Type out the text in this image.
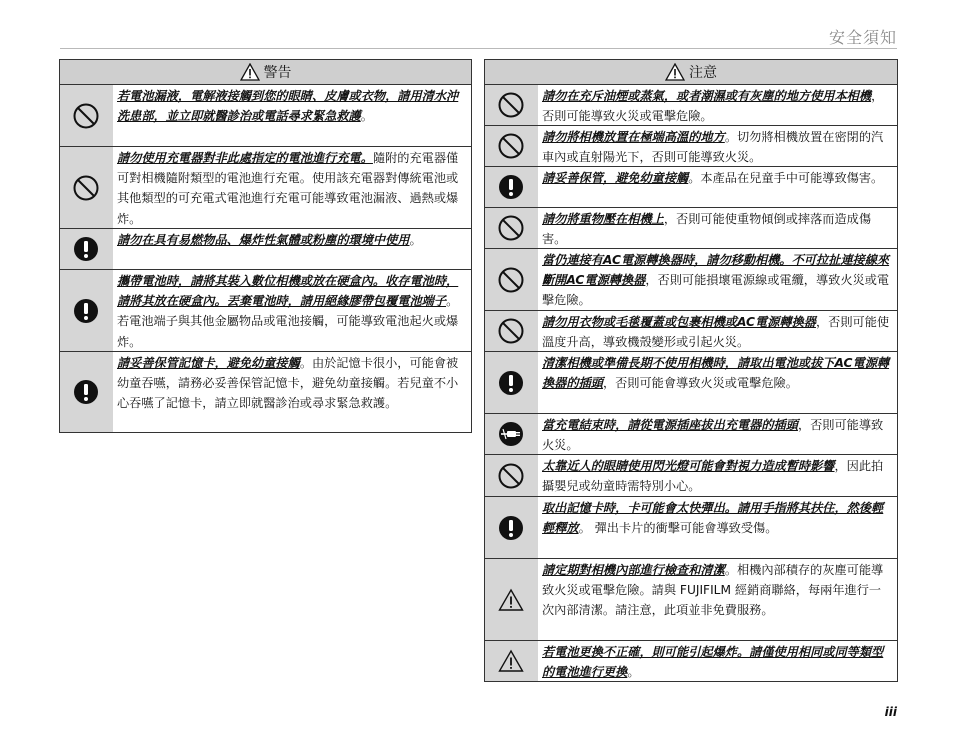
安全須知
警告
若電池漏液，電解液接觸到您的眼睛、皮膚或衣物，請用清水沖洗患部，並立即就醫診治或電話尋求緊急救護。
請勿使用充電器對非此處指定的電池進行充電。隨附的充電器僅可對相機隨附類型的電池進行充電。使用該充電器對傳統電池或其他類型的可充電式電池進行充電可能導致電池漏液、過熱或爆炸。
請勿在具有易燃物品、爆炸性氣體或粉塵的環境中使用。
攜帶電池時，請將其裝入數位相機或放在硬盒內。收存電池時，請將其放在硬盒內。丟棄電池時，請用絕緣膠帶包覆電池端子。若電池端子與其他金屬物品或電池接觸，可能導致電池起火或爆炸。
請妥善保管記憶卡，避免幼童接觸。由於記憶卡很小，可能會被幼童吞嚥，請務必妥善保管記憶卡，避免幼童接觸。若兒童不小心吞嚥了記憶卡，請立即就醫診治或尋求緊急救護。
注意
請勿在充斥油煙或蒸氣，或者潮濕或有灰塵的地方使用本相機，否則可能導致火災或電擊危險。
請勿將相機放置在極端高溫的地方。切勿將相機放置在密閉的汽車內或直射陽光下，否則可能導致火災。
請妥善保管，避免幼童接觸。本產品在兒童手中可能導致傷害。
請勿將重物壓在相機上，否則可能使重物傾倒或摔落而造成傷害。
當仍連接有AC電源轉換器時，請勿移動相機。不可拉扯連接線來斷開AC電源轉換器，否則可能損壞電源線或電纜，導致火災或電擊危險。
請勿用衣物或毛毯覆蓋或包裹相機或AC電源轉換器，否則可能使溫度升高，導致機殼變形或引起火災。
清潔相機或準備長期不使用相機時，請取出電池或拔下AC電源轉換器的插頭，否則可能會導致火災或電擊危險。
當充電結束時，請從電源插座拔出充電器的插頭，否則可能導致火災。
太靠近人的眼睛使用閃光燈可能會對視力造成暫時影響，因此拍攝嬰兒或幼童時需特別小心。
取出記憶卡時，卡可能會太快彈出。請用手指將其扶住，然後輕輕釋放。 彈出卡片的衝擊可能會導致受傷。
請定期對相機內部進行檢查和清潔。相機內部積存的灰塵可能導致火災或電擊危險。請與 FUJIFILM 經銷商聯絡，每兩年進行一次內部清潔。請注意，此項並非免費服務。
若電池更換不正確，則可能引起爆炸。請僅使用相同或同等類型的電池進行更換。
iii
